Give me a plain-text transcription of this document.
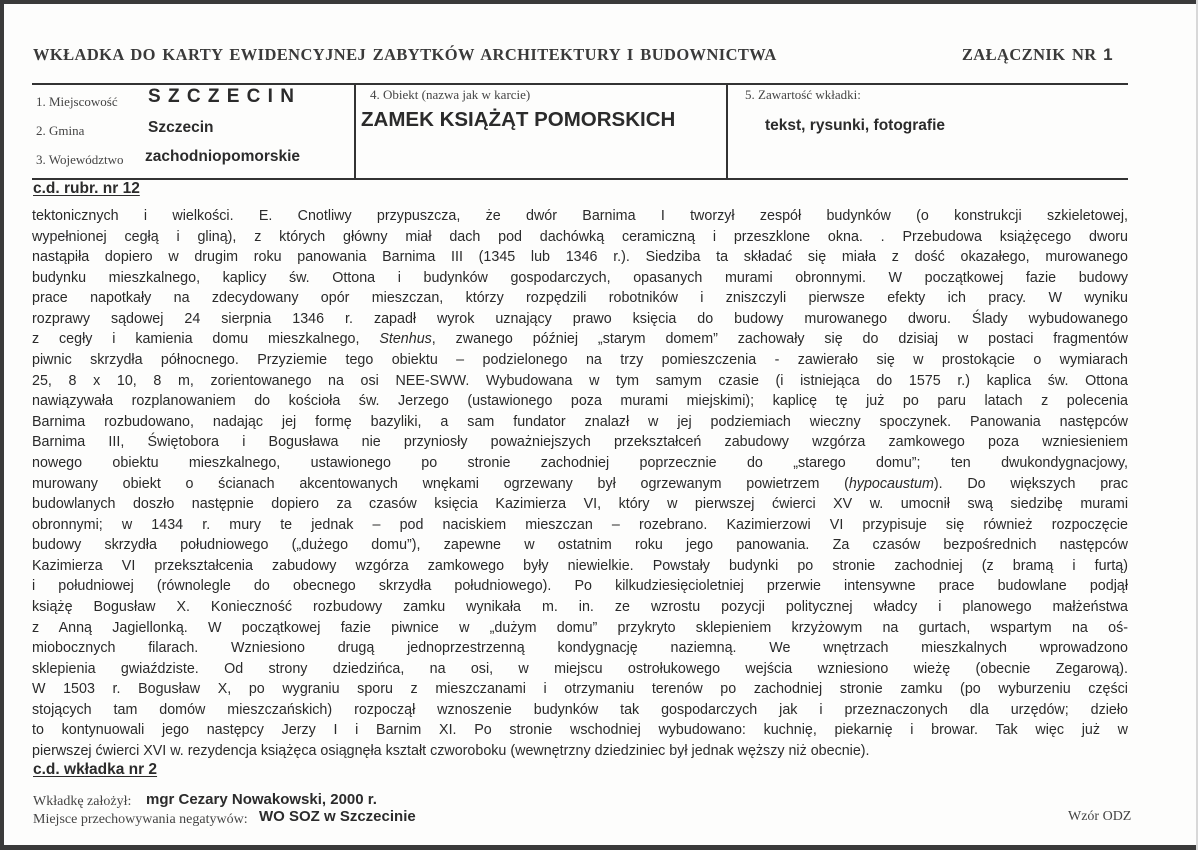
WKŁADKA DO KARTY EWIDENCYJNEJ ZABYTKÓW ARCHITEKTURY I BUDOWNICTWA	ZAŁĄCZNIK NR 1
1. Miejscowość S Z C Z E C I N
2. Gmina	Szczecin
3. Województwo zachodniopomorskie
4. Obiekt (nazwa jak w karcie)
ZAMEK KSIĄŻĄT POMORSKICH
5. Zawartość wkładki:
tekst, rysunki, fotografie
c.d. rubr. nr 12
tektonicznych i wielkości. E. Cnotliwy przypuszcza, że dwór Barnima I tworzył zespół budynków (o konstrukcji szkieletowej,
wypełnionej cegłą i gliną), z których główny miał dach pod dachówką ceramiczną i przeszklone okna. . Przebudowa książęcego dworu
nastąpiła dopiero w drugim roku panowania Barnima III (1345 lub 1346 r.). Siedziba ta składać się miała z dość okazałego, murowanego
budynku mieszkalnego, kaplicy św. Ottona i budynków gospodarczych, opasanych murami obronnymi. W początkowej fazie budowy
prace napotkały na zdecydowany opór mieszczan, którzy rozpędzili robotników i zniszczyli pierwsze efekty ich pracy. W wyniku
rozprawy sądowej 24 sierpnia 1346 r. zapadł wyrok uznający prawo księcia do budowy murowanego dworu. Ślady wybudowanego
z cegły i kamienia domu mieszkalnego, Stenhus, zwanego później „starym domem” zachowały się do dzisiaj w postaci fragmentów
piwnic skrzydła północnego. Przyziemie tego obiektu – podzielonego na trzy pomieszczenia - zawierało się w prostokącie o wymiarach
25, 8 x 10, 8 m, zorientowanego na osi NEE-SWW. Wybudowana w tym samym czasie (i istniejąca do 1575 r.) kaplica św. Ottona
nawiązywała rozplanowaniem do kościoła św. Jerzego (ustawionego poza murami miejskimi); kaplicę tę już po paru latach z polecenia
Barnima rozbudowano, nadając jej formę bazyliki, a sam fundator znalazł w jej podziemiach wieczny spoczynek. Panowania następców
Barnima III, Świętobora i Bogusława nie przyniosły poważniejszych przekształceń zabudowy wzgórza zamkowego poza wzniesieniem
nowego obiektu mieszkalnego, ustawionego po stronie zachodniej poprzecznie do „starego domu”; ten dwukondygnacjowy,
murowany obiekt o ścianach akcentowanych wnękami ogrzewany był ogrzewanym powietrzem (hypocaustum). Do większych prac
budowlanych doszło następnie dopiero za czasów księcia Kazimierza VI, który w pierwszej ćwierci XV w. umocnił swą siedzibę murami
obronnymi; w 1434 r. mury te jednak – pod naciskiem mieszczan – rozebrano. Kazimierzowi VI przypisuje się również rozpoczęcie
budowy skrzydła południowego („dużego domu”), zapewne w ostatnim roku jego panowania. Za czasów bezpośrednich następców
Kazimierza VI przekształcenia zabudowy wzgórza zamkowego były niewielkie. Powstały budynki po stronie zachodniej (z bramą i furtą)
i południowej (równolegle do obecnego skrzydła południowego). Po kilkudziesięcioletniej przerwie intensywne prace budowlane podjął
książę Bogusław X. Konieczność rozbudowy zamku wynikała m. in. ze wzrostu pozycji politycznej władcy i planowego małżeństwa
z Anną Jagiellonką. W początkowej fazie piwnice w „dużym domu” przykryto sklepieniem krzyżowym na gurtach, wspartym na oś-
miobocznych filarach. Wzniesiono drugą jednoprzestrzenną kondygnację naziemną. We wnętrzach mieszkalnych wprowadzono
sklepienia gwiaździste. Od strony dziedzińca, na osi, w miejscu ostrołukowego wejścia wzniesiono wieżę (obecnie Zegarową).
W 1503 r. Bogusław X, po wygraniu sporu z mieszczanami i otrzymaniu terenów po zachodniej stronie zamku (po wyburzeniu części
stojących tam domów mieszczańskich) rozpoczął wznoszenie budynków tak gospodarczych jak i przeznaczonych dla urzędów; dzieło
to kontynuowali jego następcy Jerzy I i Barnim XI. Po stronie wschodniej wybudowano: kuchnię, piekarnię i browar. Tak więc już w
pierwszej ćwierci XVI w. rezydencja książęca osiągnęła kształt czworoboku (wewnętrzny dziedziniec był jednak węższy niż obecnie).
c.d. wkładka nr 2
Wkładkę założył: mgr Cezary Nowakowski, 2000 r.
Miejsce przechowywania negatywów: WO SOZ w Szczecinie	Wzór ODZ
